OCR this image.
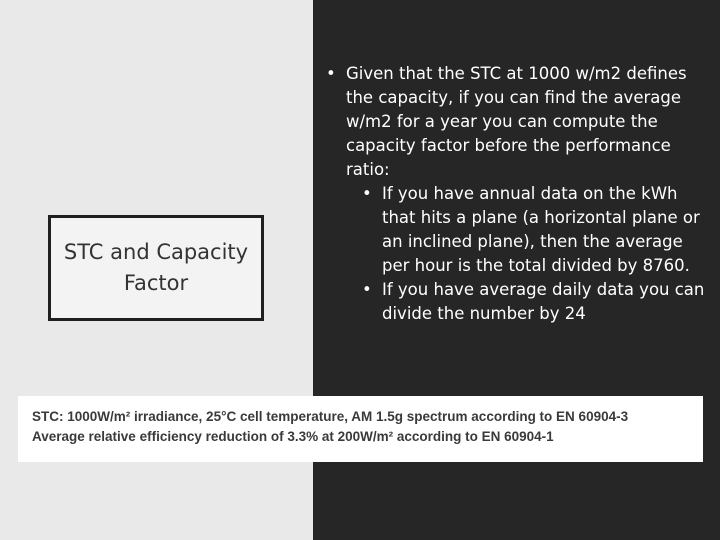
STC and Capacity Factor
• Given that the STC at 1000 w/m2 defines the capacity, if you can find the average w/m2 for a year you can compute the capacity factor before the performance ratio:
• If you have annual data on the kWh that hits a plane (a horizontal plane or an inclined plane), then the average per hour is the total divided by 8760.
• If you have average daily data you can divide the number by 24
STC: 1000W/m² irradiance, 25°C cell temperature, AM 1.5g spectrum according to EN 60904-3
Average relative efficiency reduction of 3.3% at 200W/m² according to EN 60904-1
